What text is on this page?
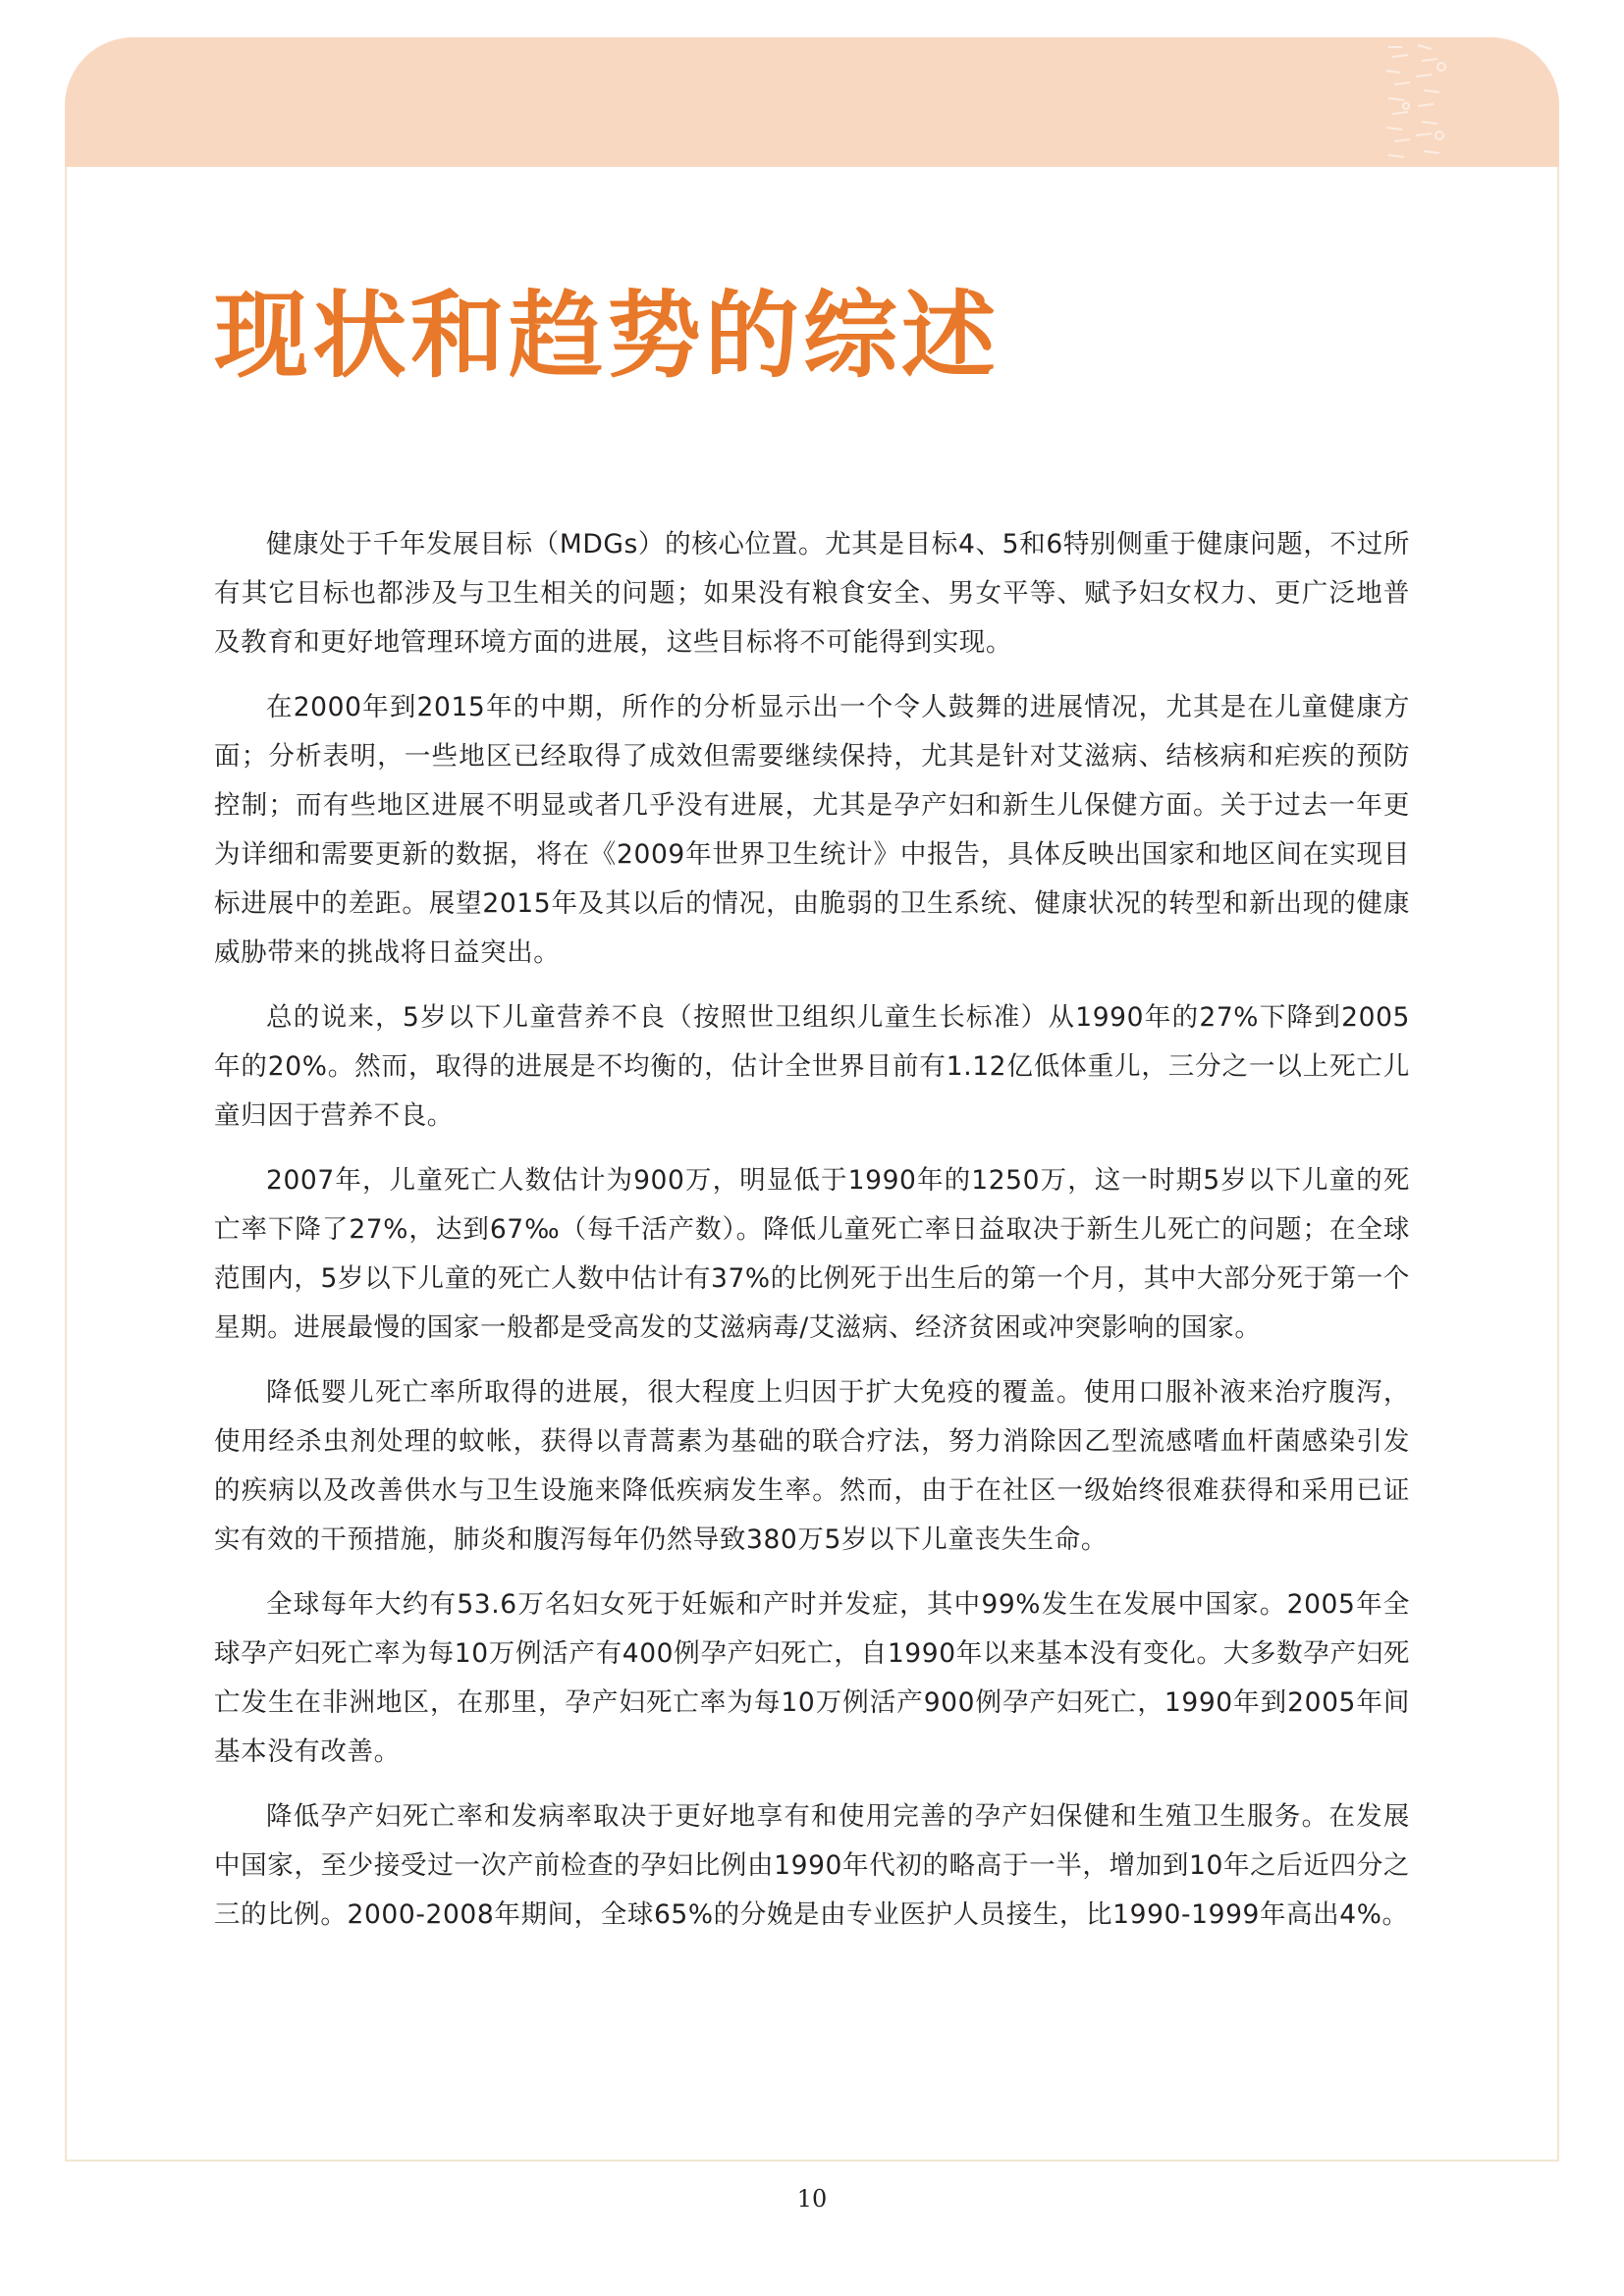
现状和趋势的综述

健康处于千年发展目标（MDGs）的核心位置。尤其是目标4、5和6特别侧重于健康问题，不过所有其它目标也都涉及与卫生相关的问题；如果没有粮食安全、男女平等、赋予妇女权力、更广泛地普及教育和更好地管理环境方面的进展，这些目标将不可能得到实现。

在2000年到2015年的中期，所作的分析显示出一个令人鼓舞的进展情况，尤其是在儿童健康方面；分析表明，一些地区已经取得了成效但需要继续保持，尤其是针对艾滋病、结核病和疟疾的预防控制；而有些地区进展不明显或者几乎没有进展，尤其是孕产妇和新生儿保健方面。关于过去一年更为详细和需要更新的数据，将在《2009年世界卫生统计》中报告，具体反映出国家和地区间在实现目标进展中的差距。展望2015年及其以后的情况，由脆弱的卫生系统、健康状况的转型和新出现的健康威胁带来的挑战将日益突出。

总的说来，5岁以下儿童营养不良（按照世卫组织儿童生长标准）从1990年的27%下降到2005年的20%。然而，取得的进展是不均衡的，估计全世界目前有1.12亿低体重儿，三分之一以上死亡儿童归因于营养不良。

2007年，儿童死亡人数估计为900万，明显低于1990年的1250万，这一时期5岁以下儿童的死亡率下降了27%，达到67‰（每千活产数）。降低儿童死亡率日益取决于新生儿死亡的问题；在全球范围内，5岁以下儿童的死亡人数中估计有37%的比例死于出生后的第一个月，其中大部分死于第一个星期。进展最慢的国家一般都是受高发的艾滋病毒/艾滋病、经济贫困或冲突影响的国家。

降低婴儿死亡率所取得的进展，很大程度上归因于扩大免疫的覆盖。使用口服补液来治疗腹泻，使用经杀虫剂处理的蚊帐，获得以青蒿素为基础的联合疗法，努力消除因乙型流感嗜血杆菌感染引发的疾病以及改善供水与卫生设施来降低疾病发生率。然而，由于在社区一级始终很难获得和采用已证实有效的干预措施，肺炎和腹泻每年仍然导致380万5岁以下儿童丧失生命。

全球每年大约有53.6万名妇女死于妊娠和产时并发症，其中99%发生在发展中国家。2005年全球孕产妇死亡率为每10万例活产有400例孕产妇死亡，自1990年以来基本没有变化。大多数孕产妇死亡发生在非洲地区，在那里，孕产妇死亡率为每10万例活产900例孕产妇死亡，1990年到2005年间基本没有改善。

降低孕产妇死亡率和发病率取决于更好地享有和使用完善的孕产妇保健和生殖卫生服务。在发展中国家，至少接受过一次产前检查的孕妇比例由1990年代初的略高于一半，增加到10年之后近四分之三的比例。2000-2008年期间，全球65%的分娩是由专业医护人员接生，比1990-1999年高出4%。

10
